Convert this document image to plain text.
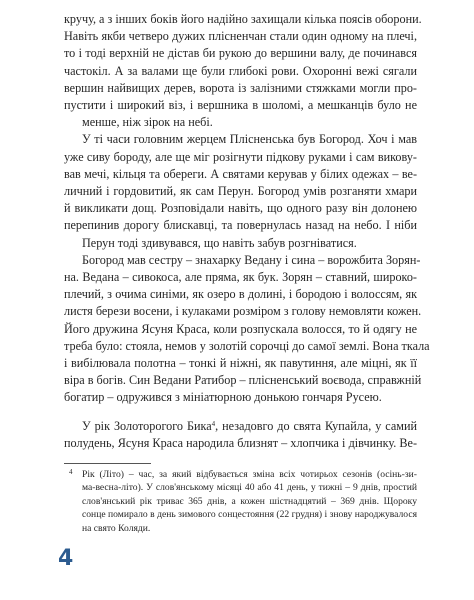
кручу, а з інших боків його надійно захищали кілька поясів оборони.
Навіть якби четверо дужих плісненчан стали один одному на плечі,
то і тоді верхній не дістав би рукою до вершини валу, де починався
частокіл. А за валами ще були глибокі рови. Охоронні вежі сягали
вершин найвищих дерев, ворота із залізними стяжками могли про-
пустити і широкий віз, і вершника в шоломі, а мешканців було не
менше, ніж зірок на небі.

У ті часи головним жерцем Плісненська був Богород. Хоч і мав
уже сиву бороду, але ще міг розігнути підкову руками і сам викову-
вав мечі, кільця та обереги. А святами керував у білих одежах – ве-
личний і гордовитий, як сам Перун. Богород умів розганяти хмари
й викликати дощ. Розповідали навіть, що одного разу він долонею
перепинив дорогу блискавці, та повернулась назад на небо. І ніби
Перун тоді здивувався, що навіть забув розгніватися.

Богород мав сестру – знахарку Ведану і сина – ворожбита Зорян-
на. Ведана – сивокоса, але пряма, як бук. Зорян – ставний, широко-
плечий, з очима синіми, як озеро в долині, і бородою і волоссям, як
листя берези восени, і кулаками розміром з голову немовляти кожен.
Його дружина Ясуня Краса, коли розпускала волосся, то й одягу не
треба було: стояла, немов у золотій сорочці до самої землі. Вона ткала
і вибілювала полотна – тонкі й ніжні, як павутиння, але міцні, як її
віра в богів. Син Ведани Ратибор – плісненський воєвода, справжній
богатир – одружився з мініатюрною донькою гончаря Русею.

У рік Золоторогого Бика$^4$, незадовго до свята Купайла, у самий
полудень, Ясуня Краса народила близнят – хлопчика і дівчинку. Ве-

4 Рік (Літо) – час, за який відбувається зміна всіх чотирьох сезонів (осінь-зи-
ма-весна-літо). У слов'янському місяці 40 або 41 день, у тижні – 9 днів, простий
слов'янський рік триває 365 днів, а кожен шістнадцятий – 369 днів. Щороку
сонце помирало в день зимового сонцестояння (22 грудня) і знову народжувалося на свято Коляди.
4
